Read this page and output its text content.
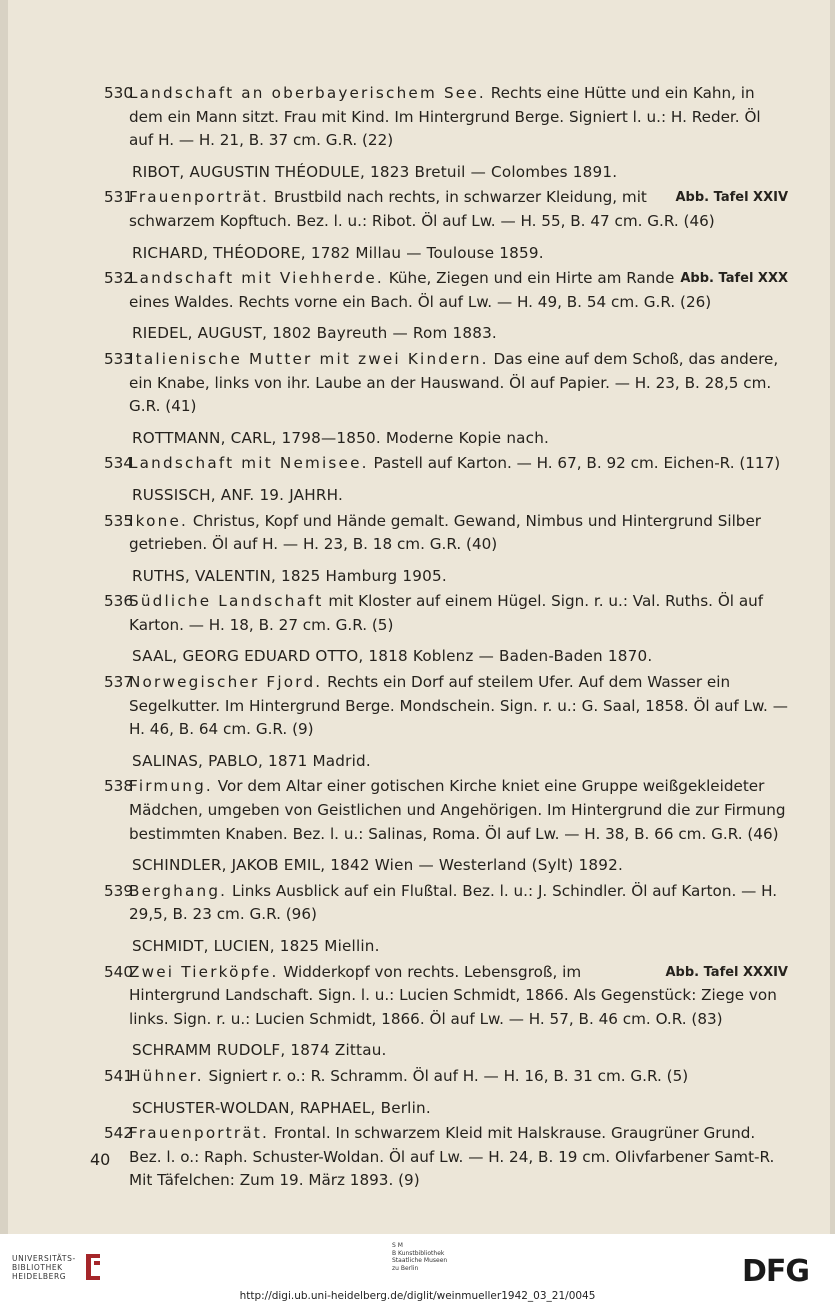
530
Landschaft an oberbayerischem See. Rechts eine Hütte und ein Kahn, in dem ein Mann sitzt. Frau mit Kind. Im Hintergrund Berge. Signiert l. u.: H. Reder. Öl auf H. — H. 21, B. 37 cm. G.R. (22)
RIBOT, AUGUSTIN THÉODULE, 1823 Bretuil — Colombes 1891.
531	Abb. Tafel XXIV
Frauenporträt. Brustbild nach rechts, in schwarzer Kleidung, mit schwarzem Kopftuch. Bez. l. u.: Ribot. Öl auf Lw. — H. 55, B. 47 cm. G.R. (46)
RICHARD, THÉODORE, 1782 Millau — Toulouse 1859.
532	Abb. Tafel XXX
Landschaft mit Viehherde. Kühe, Ziegen und ein Hirte am Rande eines Waldes. Rechts vorne ein Bach. Öl auf Lw. — H. 49, B. 54 cm. G.R. (26)
RIEDEL, AUGUST, 1802 Bayreuth — Rom 1883.
533
Italienische Mutter mit zwei Kindern. Das eine auf dem Schoß, das andere, ein Knabe, links von ihr. Laube an der Hauswand. Öl auf Papier. — H. 23, B. 28,5 cm. G.R. (41)
ROTTMANN, CARL, 1798—1850. Moderne Kopie nach.
534
Landschaft mit Nemisee. Pastell auf Karton. — H. 67, B. 92 cm. Eichen-R. (117)
RUSSISCH, ANF. 19. JAHRH.
535
Ikone. Christus, Kopf und Hände gemalt. Gewand, Nimbus und Hintergrund Silber getrieben. Öl auf H. — H. 23, B. 18 cm. G.R. (40)
RUTHS, VALENTIN, 1825 Hamburg 1905.
536
Südliche Landschaft mit Kloster auf einem Hügel. Sign. r. u.: Val. Ruths. Öl auf Karton. — H. 18, B. 27 cm. G.R. (5)
SAAL, GEORG EDUARD OTTO, 1818 Koblenz — Baden-Baden 1870.
537
Norwegischer Fjord. Rechts ein Dorf auf steilem Ufer. Auf dem Wasser ein Segelkutter. Im Hintergrund Berge. Mondschein. Sign. r. u.: G. Saal, 1858. Öl auf Lw. — H. 46, B. 64 cm. G.R. (9)
SALINAS, PABLO, 1871 Madrid.
538
Firmung. Vor dem Altar einer gotischen Kirche kniet eine Gruppe weißgekleideter Mädchen, umgeben von Geistlichen und Angehörigen. Im Hintergrund die zur Firmung bestimmten Knaben. Bez. l. u.: Salinas, Roma. Öl auf Lw. — H. 38, B. 66 cm. G.R. (46)
SCHINDLER, JAKOB EMIL, 1842 Wien — Westerland (Sylt) 1892.
539
Berghang. Links Ausblick auf ein Flußtal. Bez. l. u.: J. Schindler. Öl auf Karton. — H. 29,5, B. 23 cm. G.R. (96)
SCHMIDT, LUCIEN, 1825 Miellin.
540	Abb. Tafel XXXIV
Zwei Tierköpfe. Widderkopf von rechts. Lebensgroß, im Hintergrund Landschaft. Sign. l. u.: Lucien Schmidt, 1866. Als Gegenstück: Ziege von links. Sign. r. u.: Lucien Schmidt, 1866. Öl auf Lw. — H. 57, B. 46 cm. O.R. (83)
SCHRAMM RUDOLF, 1874 Zittau.
541
Hühner. Signiert r. o.: R. Schramm. Öl auf H. — H. 16, B. 31 cm. G.R. (5)
SCHUSTER-WOLDAN, RAPHAEL, Berlin.
542
Frauenporträt. Frontal. In schwarzem Kleid mit Halskrause. Graugrüner Grund. Bez. l. o.: Raph. Schuster-Woldan. Öl auf Lw. — H. 24, B. 19 cm. Olivfarbener Samt-R. Mit Täfelchen: Zum 19. März 1893. (9)
40
UNIVERSITÄTS-
BIBLIOTHEK
HEIDELBERG
S M
B Kunstbibliothek
Staatliche Museen
zu Berlin	DFG
http://digi.ub.uni-heidelberg.de/diglit/weinmueller1942_03_21/0045
